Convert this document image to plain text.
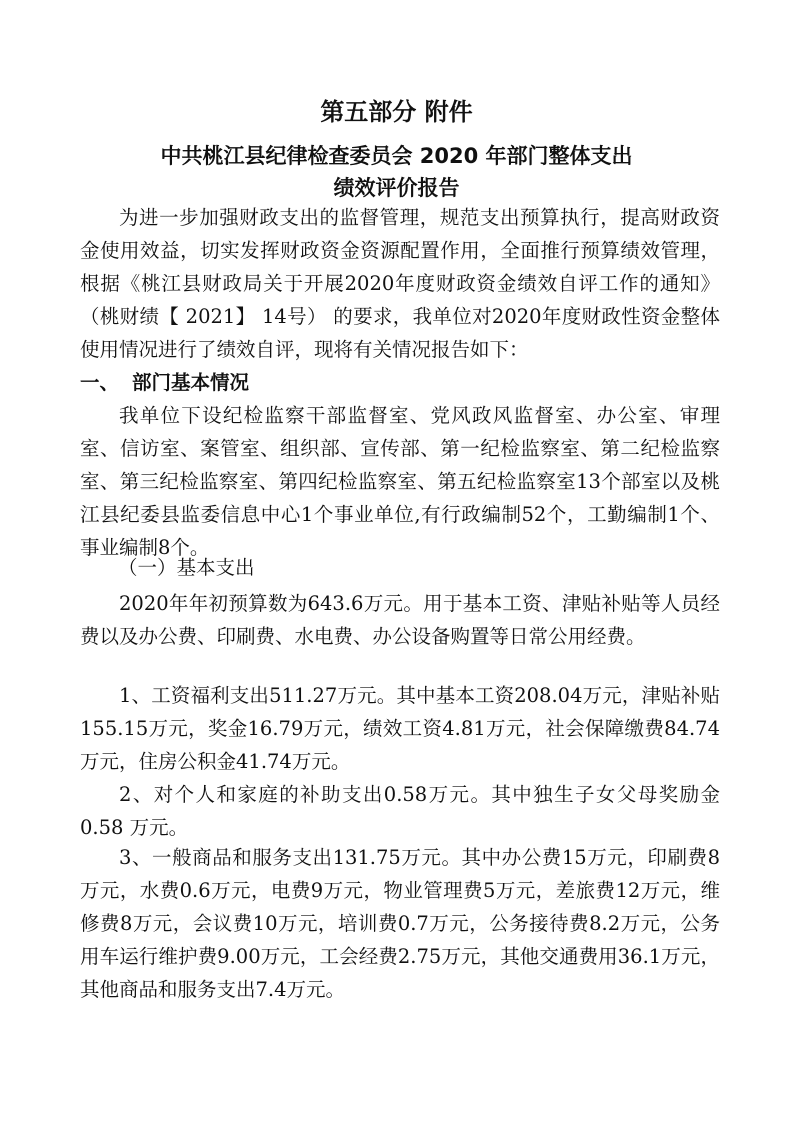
第五部分 附件
中共桃江县纪律检查委员会 2020 年部门整体支出
绩效评价报告
为进一步加强财政支出的监督管理，规范支出预算执行，提高财政资金使用效益，切实发挥财政资金资源配置作用，全面推行预算绩效管理，根据《桃江县财政局关于开展2020年度财政资金绩效自评工作的通知》 （桃财绩【 2021】 14号） 的要求，我单位对2020年度财政性资金整体使用情况进行了绩效自评，现将有关情况报告如下：
一、 部门基本情况
我单位下设纪检监察干部监督室、党风政风监督室、办公室、审理室、信访室、案管室、组织部、宣传部、第一纪检监察室、第二纪检监察室、第三纪检监察室、第四纪检监察室、第五纪检监察室13个部室以及桃江县纪委县监委信息中心1个事业单位,有行政编制52个，工勤编制1个、事业编制8个。
（一）基本支出
2020年年初预算数为643.6万元。用于基本工资、津贴补贴等人员经费以及办公费、印刷费、水电费、办公设备购置等日常公用经费。
1、工资福利支出511.27万元。其中基本工资208.04万元，津贴补贴155.15万元，奖金16.79万元，绩效工资4.81万元，社会保障缴费84.74万元，住房公积金41.74万元。
2、对个人和家庭的补助支出0.58万元。其中独生子女父母奖励金0.58 万元。
3、一般商品和服务支出131.75万元。其中办公费15万元，印刷费8万元，水费0.6万元，电费9万元，物业管理费5万元，差旅费12万元，维修费8万元，会议费10万元，培训费0.7万元，公务接待费8.2万元，公务用车运行维护费9.00万元，工会经费2.75万元，其他交通费用36.1万元，其他商品和服务支出7.4万元。
